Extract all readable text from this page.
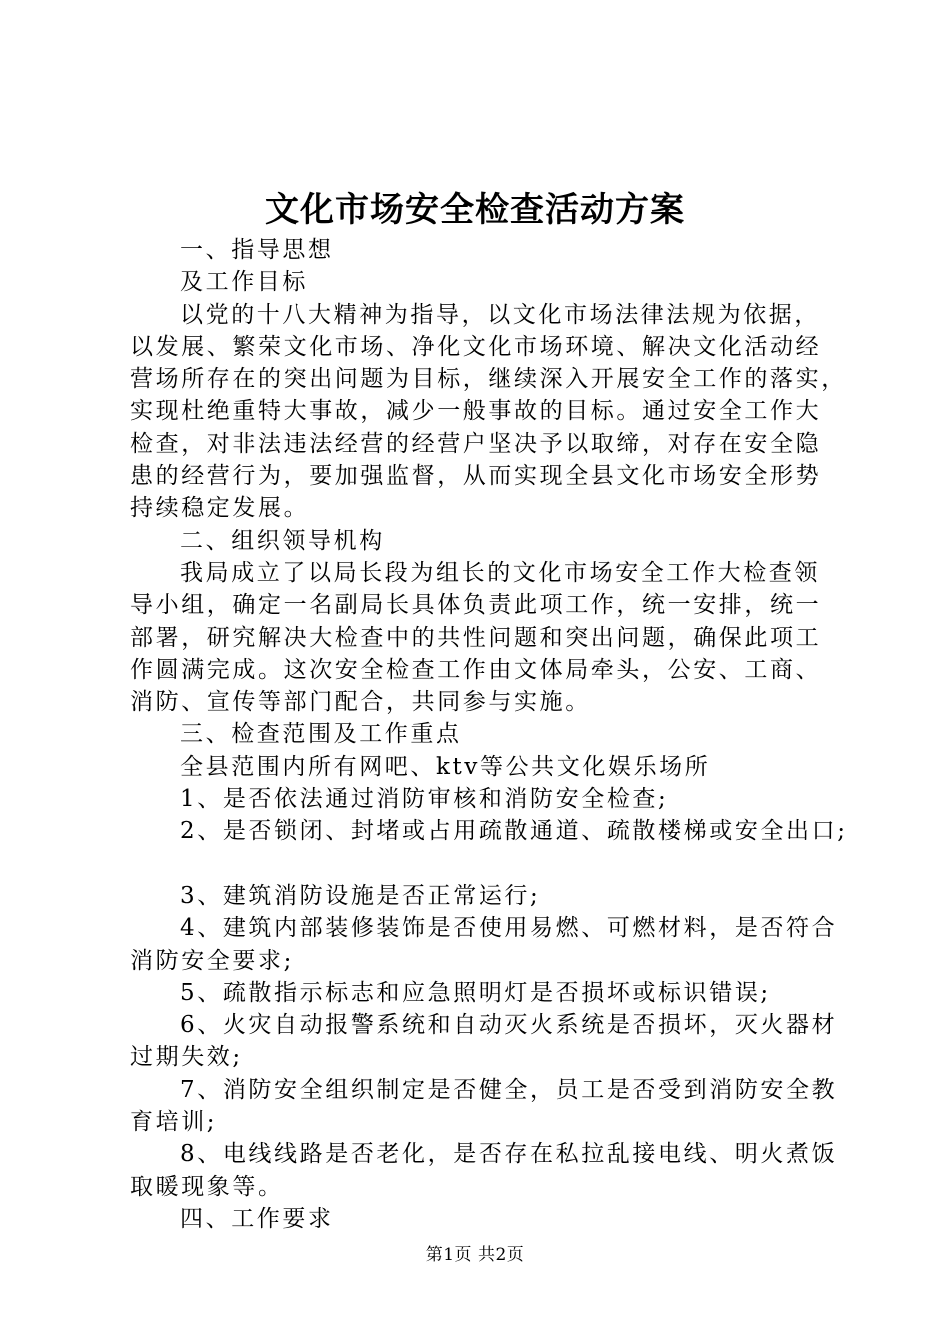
文化市场安全检查活动方案
一、指导思想
及工作目标
以党的十八大精神为指导，以文化市场法律法规为依据，
以发展、繁荣文化市场、净化文化市场环境、解决文化活动经
营场所存在的突出问题为目标，继续深入开展安全工作的落实，
实现杜绝重特大事故，减少一般事故的目标。通过安全工作大
检查，对非法违法经营的经营户坚决予以取缔，对存在安全隐
患的经营行为，要加强监督，从而实现全县文化市场安全形势
持续稳定发展。
二、组织领导机构
我局成立了以局长段为组长的文化市场安全工作大检查领
导小组，确定一名副局长具体负责此项工作，统一安排，统一
部署，研究解决大检查中的共性问题和突出问题，确保此项工
作圆满完成。这次安全检查工作由文体局牵头，公安、工商、
消防、宣传等部门配合，共同参与实施。
三、检查范围及工作重点
全县范围内所有网吧、ktv等公共文化娱乐场所
1、是否依法通过消防审核和消防安全检查;
2、是否锁闭、封堵或占用疏散通道、疏散楼梯或安全出口;
3、建筑消防设施是否正常运行;
4、建筑内部装修装饰是否使用易燃、可燃材料，是否符合
消防安全要求;
5、疏散指示标志和应急照明灯是否损坏或标识错误;
6、火灾自动报警系统和自动灭火系统是否损坏，灭火器材
过期失效;
7、消防安全组织制定是否健全，员工是否受到消防安全教
育培训;
8、电线线路是否老化，是否存在私拉乱接电线、明火煮饭
取暖现象等。
四、工作要求
第1页 共2页
